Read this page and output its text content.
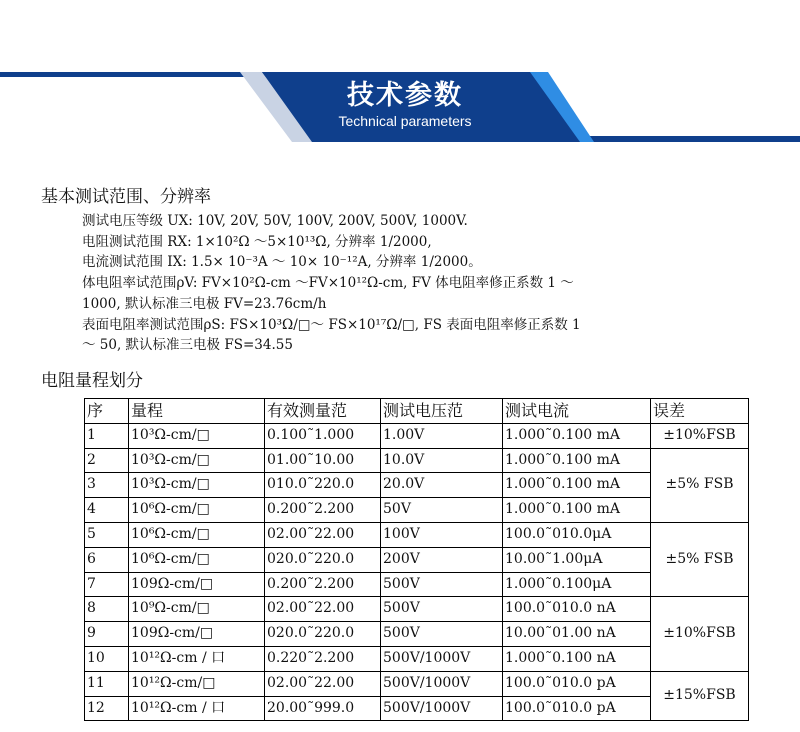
技术参数
Technical parameters
基本测试范围、分辨率
测试电压等级 UX: 10V, 20V, 50V, 100V, 200V, 500V, 1000V.
电阻测试范围 RX: 1×10²Ω ～5×10¹³Ω, 分辨率 1/2000,
电流测试范围 IX: 1.5× 10⁻³A ～ 10× 10⁻¹²A, 分辨率 1/2000。
体电阻率试范围ρV: FV×10²Ω-cm ～FV×10¹²Ω-cm, FV 体电阻率修正系数 1 ～
1000, 默认标准三电极 FV=23.76cm/h
表面电阻率测试范围ρS: FS×10³Ω/□～ FS×10¹⁷Ω/□, FS 表面电阻率修正系数 1
～ 50, 默认标准三电极 FS=34.55
电阻量程划分
序	量程	有效测量范	测试电压范	测试电流	误差
1	10³Ω-cm/□	0.100˜1.000	1.00V	1.000˜0.100 mA	±10%FSB
2	10³Ω-cm/□	01.00˜10.00	10.0V	1.000˜0.100 mA	±5% FSB
3	10³Ω-cm/□	010.0˜220.0	20.0V	1.000˜0.100 mA	
4	10⁶Ω-cm/□	0.200˜2.200	50V	1.000˜0.100 mA	
5	10⁶Ω-cm/□	02.00˜22.00	100V	100.0˜010.0μA	±5% FSB
6	10⁶Ω-cm/□	020.0˜220.0	200V	10.00˜1.00μA	
7	109Ω-cm/□	0.200˜2.200	500V	1.000˜0.100μA	
8	10⁹Ω-cm/□	02.00˜22.00	500V	100.0˜010.0 nA	±10%FSB
9	109Ω-cm/□	020.0˜220.0	500V	10.00˜01.00 nA	
10	10¹²Ω-cm / 口	0.220˜2.200	500V/1000V	1.000˜0.100 nA	
11	10¹²Ω-cm/□	02.00˜22.00	500V/1000V	100.0˜010.0 pA	±15%FSB
12	10¹²Ω-cm / 口	20.00˜999.0	500V/1000V	100.0˜010.0 pA	
